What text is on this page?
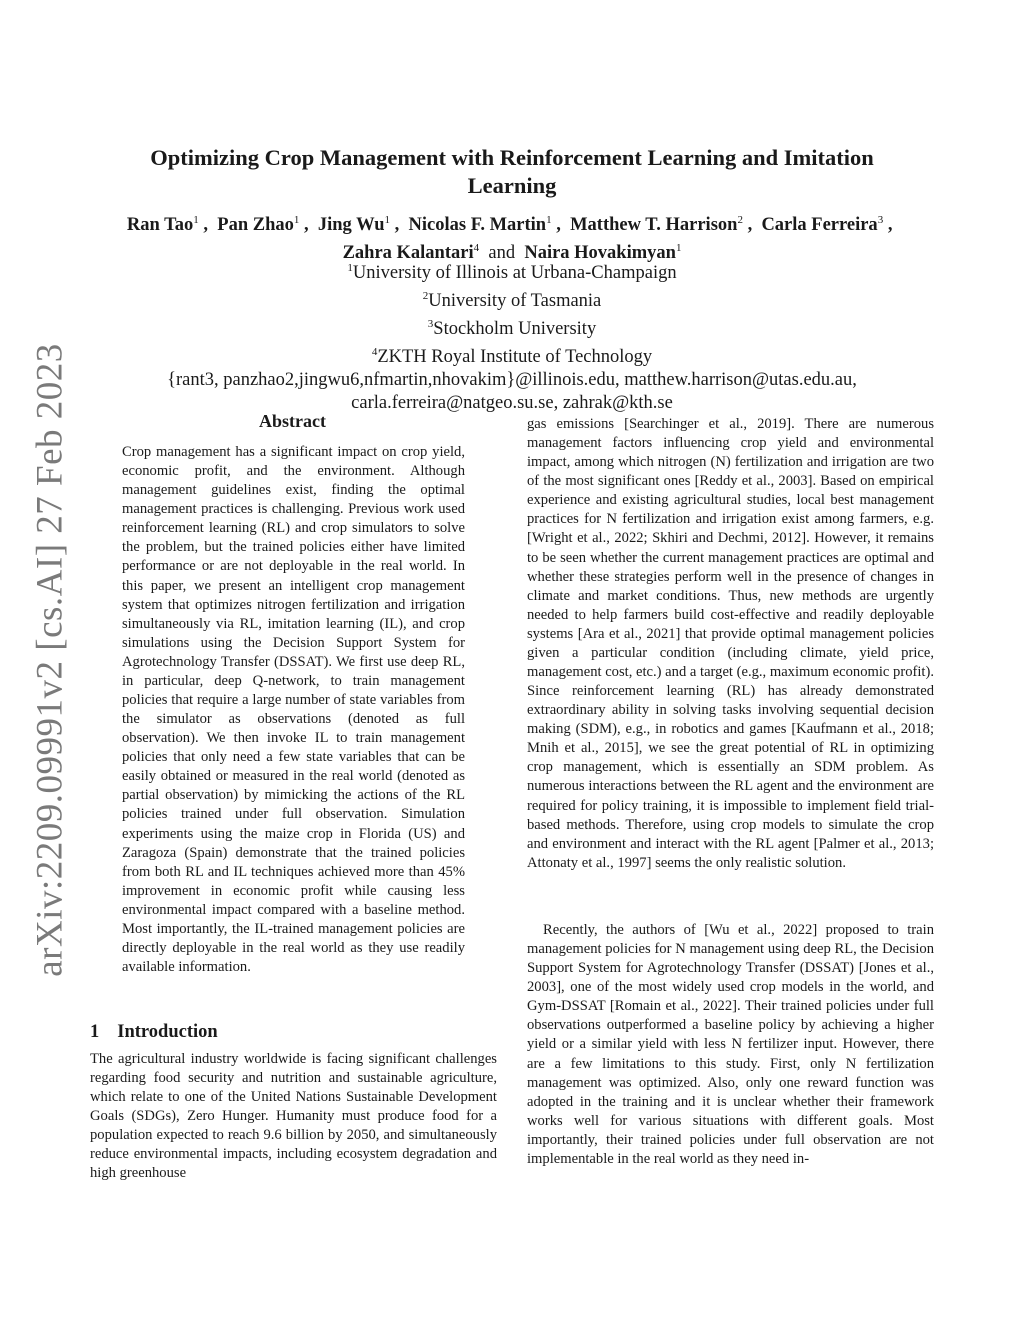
arXiv:2209.09991v2 [cs.AI] 27 Feb 2023
Optimizing Crop Management with Reinforcement Learning and Imitation Learning
Ran Tao$^1$ ,  Pan Zhao$^1$ ,  Jing Wu$^1$ ,  Nicolas F. Martin$^1$ ,  Matthew T. Harrison$^2$ ,  Carla Ferreira$^3$ ,  Zahra Kalantari$^4$ and Naira Hovakimyan$^1$
$^1$University of Illinois at Urbana-Champaign
$^2$University of Tasmania
$^3$Stockholm University
$^4$ZKTH Royal Institute of Technology
{rant3, panzhao2,jingwu6,nfmartin,nhovakim}@illinois.edu, matthew.harrison@utas.edu.au,
carla.ferreira@natgeo.su.se, zahrak@kth.se
Abstract

Crop management has a significant impact on crop yield, economic profit, and the environment. Although management guidelines exist, finding the optimal management practices is challenging. Previous work used reinforcement learning (RL) and crop simulators to solve the problem, but the trained policies either have limited performance or are not deployable in the real world. In this paper, we present an intelligent crop management system that optimizes nitrogen fertilization and irrigation simultaneously via RL, imitation learning (IL), and crop simulations using the Decision Support System for Agrotechnology Transfer (DSSAT). We first use deep RL, in particular, deep Q-network, to train management policies that require a large number of state variables from the simulator as observations (denoted as full observation). We then invoke IL to train management policies that only need a few state variables that can be easily obtained or measured in the real world (denoted as partial observation) by mimicking the actions of the RL policies trained under full observation. Simulation experiments using the maize crop in Florida (US) and Zaragoza (Spain) demonstrate that the trained policies from both RL and IL techniques achieved more than 45% improvement in economic profit while causing less environmental impact compared with a baseline method. Most importantly, the IL-trained management policies are directly deployable in the real world as they use readily available information.

1 Introduction

The agricultural industry worldwide is facing significant challenges regarding food security and nutrition and sustainable agriculture, which relate to one of the United Nations Sustainable Development Goals (SDGs), Zero Hunger. Humanity must produce food for a population expected to reach 9.6 billion by 2050, and simultaneously reduce environmental impacts, including ecosystem degradation and high greenhouse

gas emissions [Searchinger et al., 2019]. There are numerous management factors influencing crop yield and environmental impact, among which nitrogen (N) fertilization and irrigation are two of the most significant ones [Reddy et al., 2003]. Based on empirical experience and existing agricultural studies, local best management practices for N fertilization and irrigation exist among farmers, e.g. [Wright et al., 2022; Skhiri and Dechmi, 2012]. However, it remains to be seen whether the current management practices are optimal and whether these strategies perform well in the presence of changes in climate and market conditions. Thus, new methods are urgently needed to help farmers build cost-effective and readily deployable systems [Ara et al., 2021] that provide optimal management policies given a particular condition (including climate, yield price, management cost, etc.) and a target (e.g., maximum economic profit). Since reinforcement learning (RL) has already demonstrated extraordinary ability in solving tasks involving sequential decision making (SDM), e.g., in robotics and games [Kaufmann et al., 2018; Mnih et al., 2015], we see the great potential of RL in optimizing crop management, which is essentially an SDM problem. As numerous interactions between the RL agent and the environment are required for policy training, it is impossible to implement field trial-based methods. Therefore, using crop models to simulate the crop and environment and interact with the RL agent [Palmer et al., 2013; Attonaty et al., 1997] seems the only realistic solution.

Recently, the authors of [Wu et al., 2022] proposed to train management policies for N management using deep RL, the Decision Support System for Agrotechnology Transfer (DSSAT) [Jones et al., 2003], one of the most widely used crop models in the world, and Gym-DSSAT [Romain et al., 2022]. Their trained policies under full observations outperformed a baseline policy by achieving a higher yield or a similar yield with less N fertilizer input. However, there are a few limitations to this study. First, only N fertilization management was optimized. Also, only one reward function was adopted in the training and it is unclear whether their framework works well for various situations with different goals. Most importantly, their trained policies under full observation are not implementable in the real world as they need in-
